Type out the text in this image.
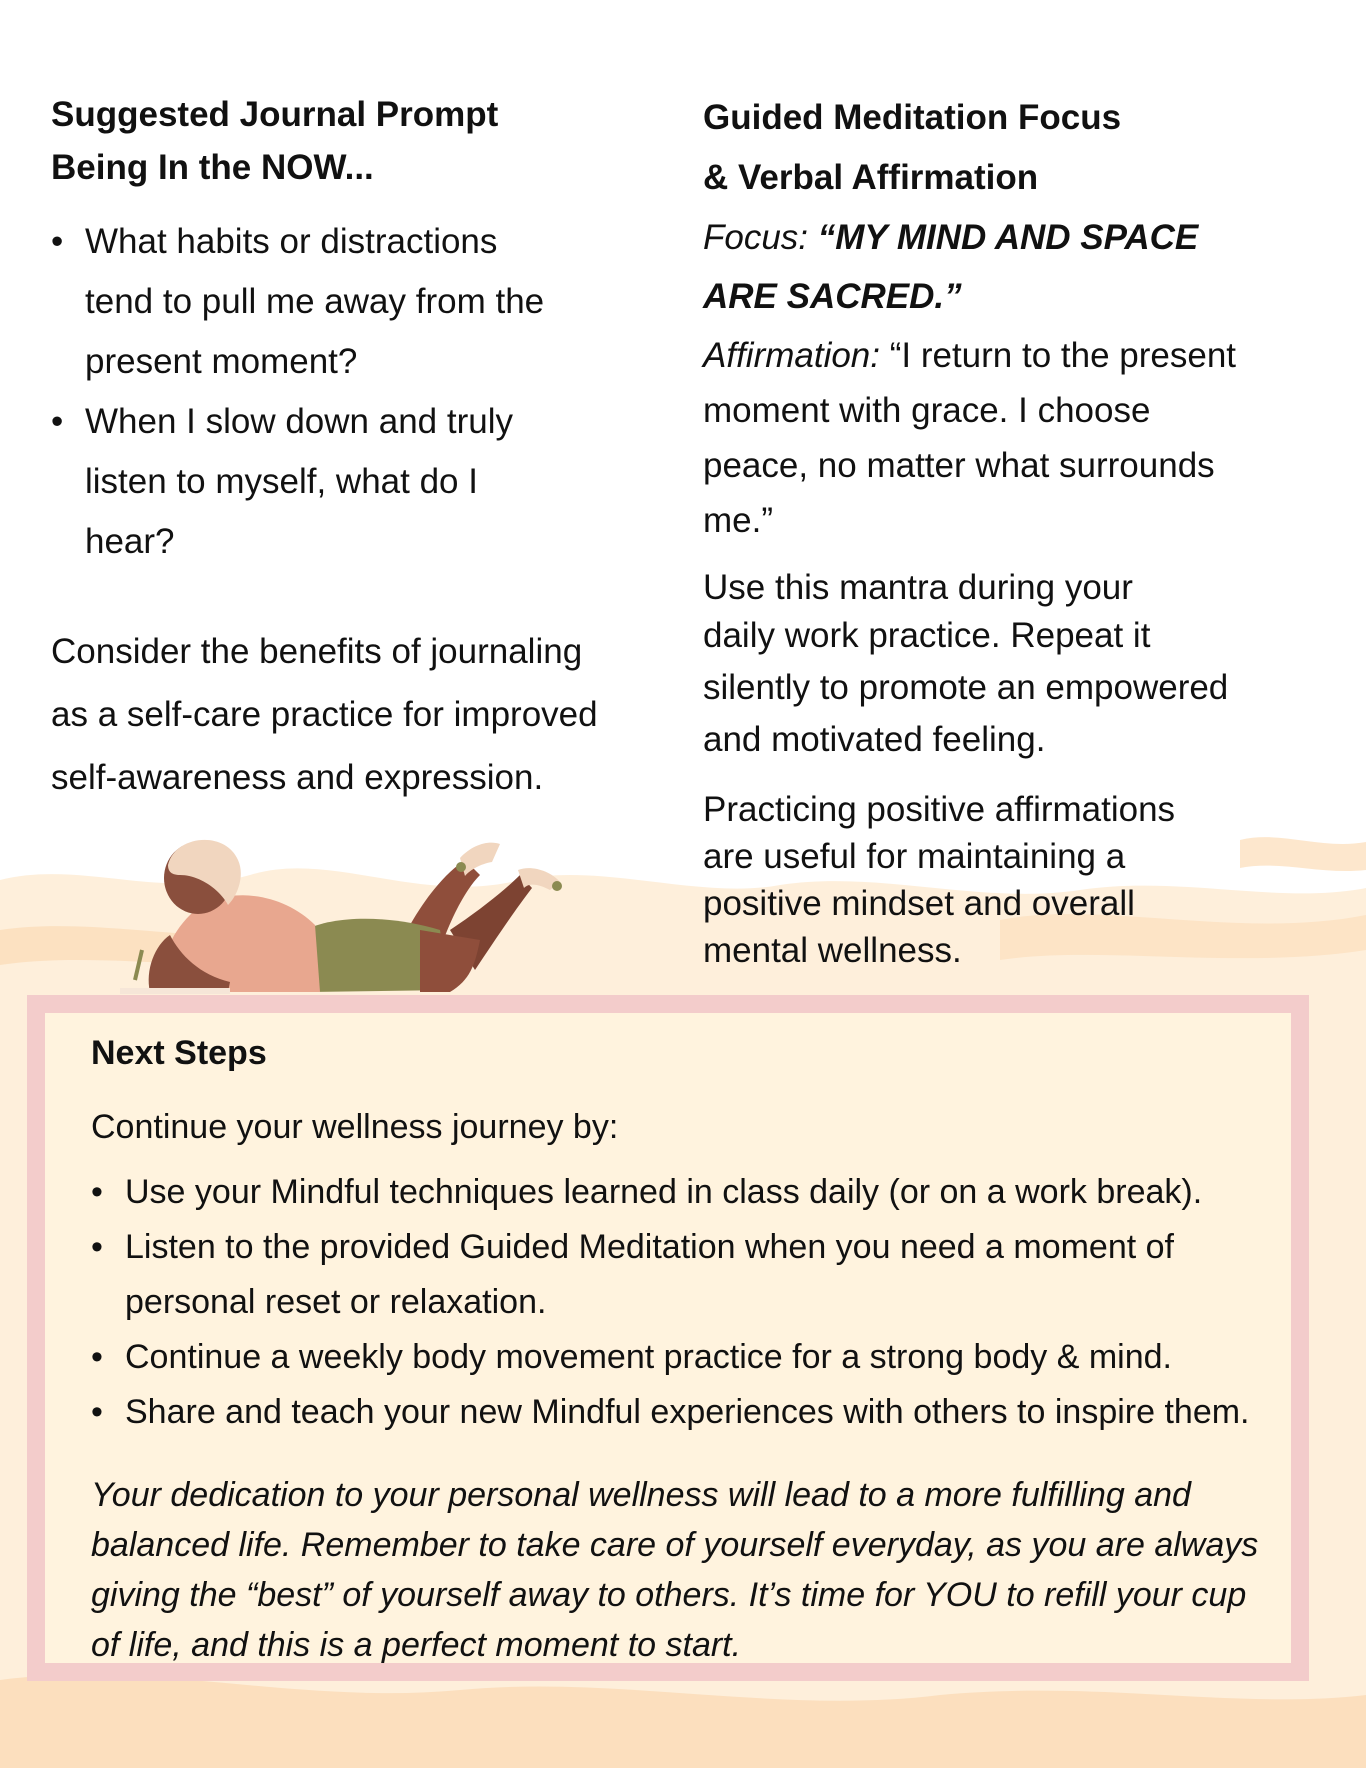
Suggested Journal Prompt
Being In the NOW...

• What habits or distractions
tend to pull me away from the
present moment?
• When I slow down and truly
listen to myself, what do I
hear?
Consider the benefits of journaling
as a self-care practice for improved
self-awareness and expression.

Guided Meditation Focus
& Verbal Affirmation

Focus: “MY MIND AND SPACE
ARE SACRED.”
Affirmation: “I return to the present
moment with grace. I choose
peace, no matter what surrounds
me.”
Use this mantra during your
daily work practice. Repeat it
silently to promote an empowered
and motivated feeling.
Practicing positive affirmations
are useful for maintaining a
positive mindset and overall
mental wellness.

Next Steps

Continue your wellness journey by:
• Use your Mindful techniques learned in class daily (or on a work break).
• Listen to the provided Guided Meditation when you need a moment of
personal reset or relaxation.
• Continue a weekly body movement practice for a strong body & mind.
• Share and teach your new Mindful experiences with others to inspire them.
Your dedication to your personal wellness will lead to a more fulfilling and
balanced life. Remember to take care of yourself everyday, as you are always
giving the “best” of yourself away to others. It’s time for YOU to refill your cup
of life, and this is a perfect moment to start.
